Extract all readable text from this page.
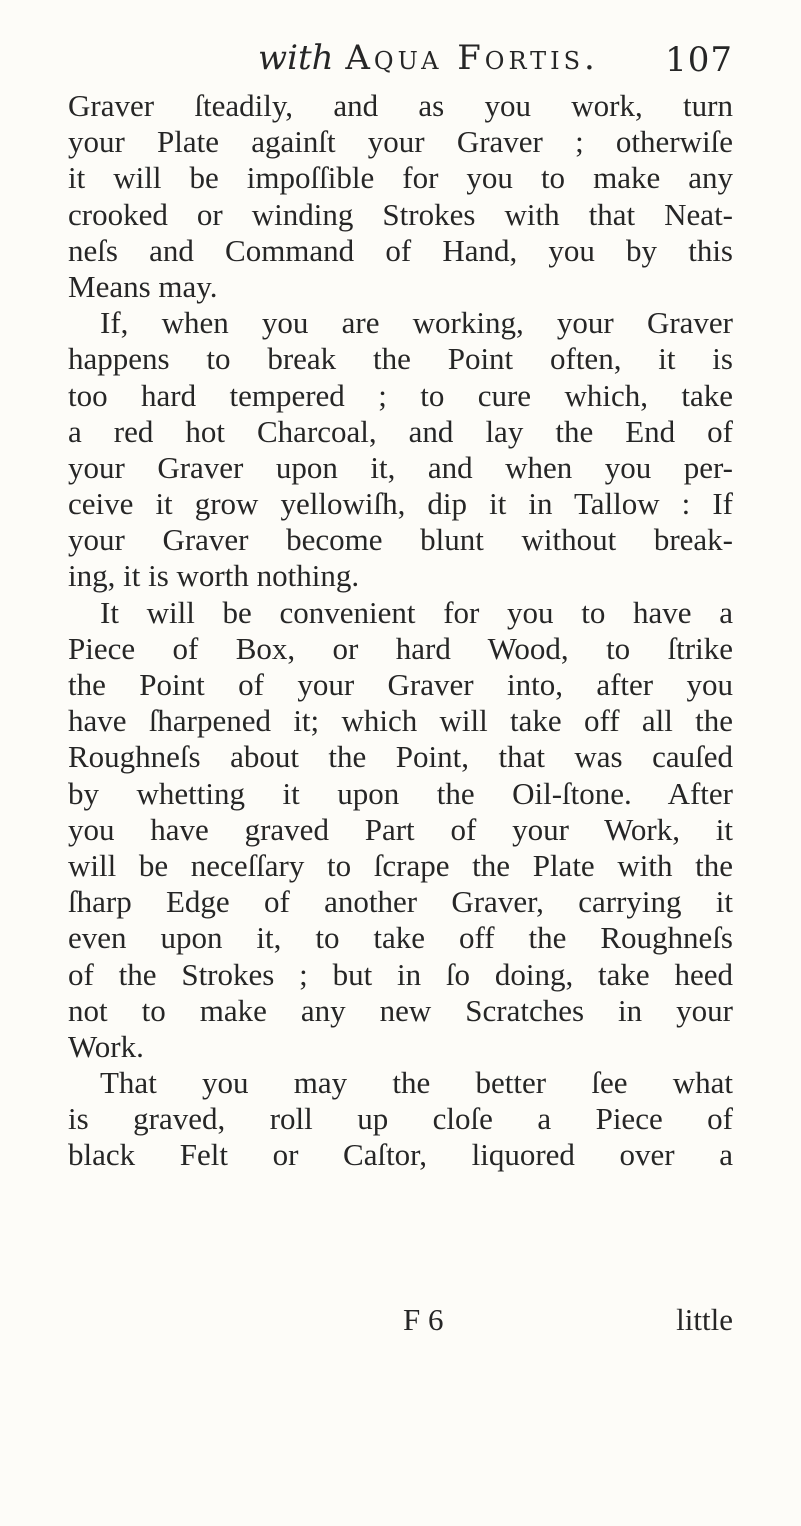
with Aqua Fortis. 107
Graver ſteadily, and as you work, turn
your Plate againſt your Graver ; otherwiſe
it will be impoſſible for you to make any
crooked or winding Strokes with that Neat-
neſs and Command of Hand, you by this
Means may.
If, when you are working, your Graver
happens to break the Point often, it is
too hard tempered ; to cure which, take
a red hot Charcoal, and lay the End of
your Graver upon it, and when you per-
ceive it grow yellowiſh, dip it in Tallow : If
your Graver become blunt without break-
ing, it is worth nothing.
It will be convenient for you to have a
Piece of Box, or hard Wood, to ſtrike
the Point of your Graver into, after you
have ſharpened it; which will take off all the
Roughneſs about the Point, that was cauſed
by whetting it upon the Oil-ſtone. After
you have graved Part of your Work, it
will be neceſſary to ſcrape the Plate with the
ſharp Edge of another Graver, carrying it
even upon it, to take off the Roughneſs
of the Strokes ; but in ſo doing, take heed
not to make any new Scratches in your
Work.
That you may the better ſee what
is graved, roll up cloſe a Piece of
black Felt or Caſtor, liquored over a
F 6	little
